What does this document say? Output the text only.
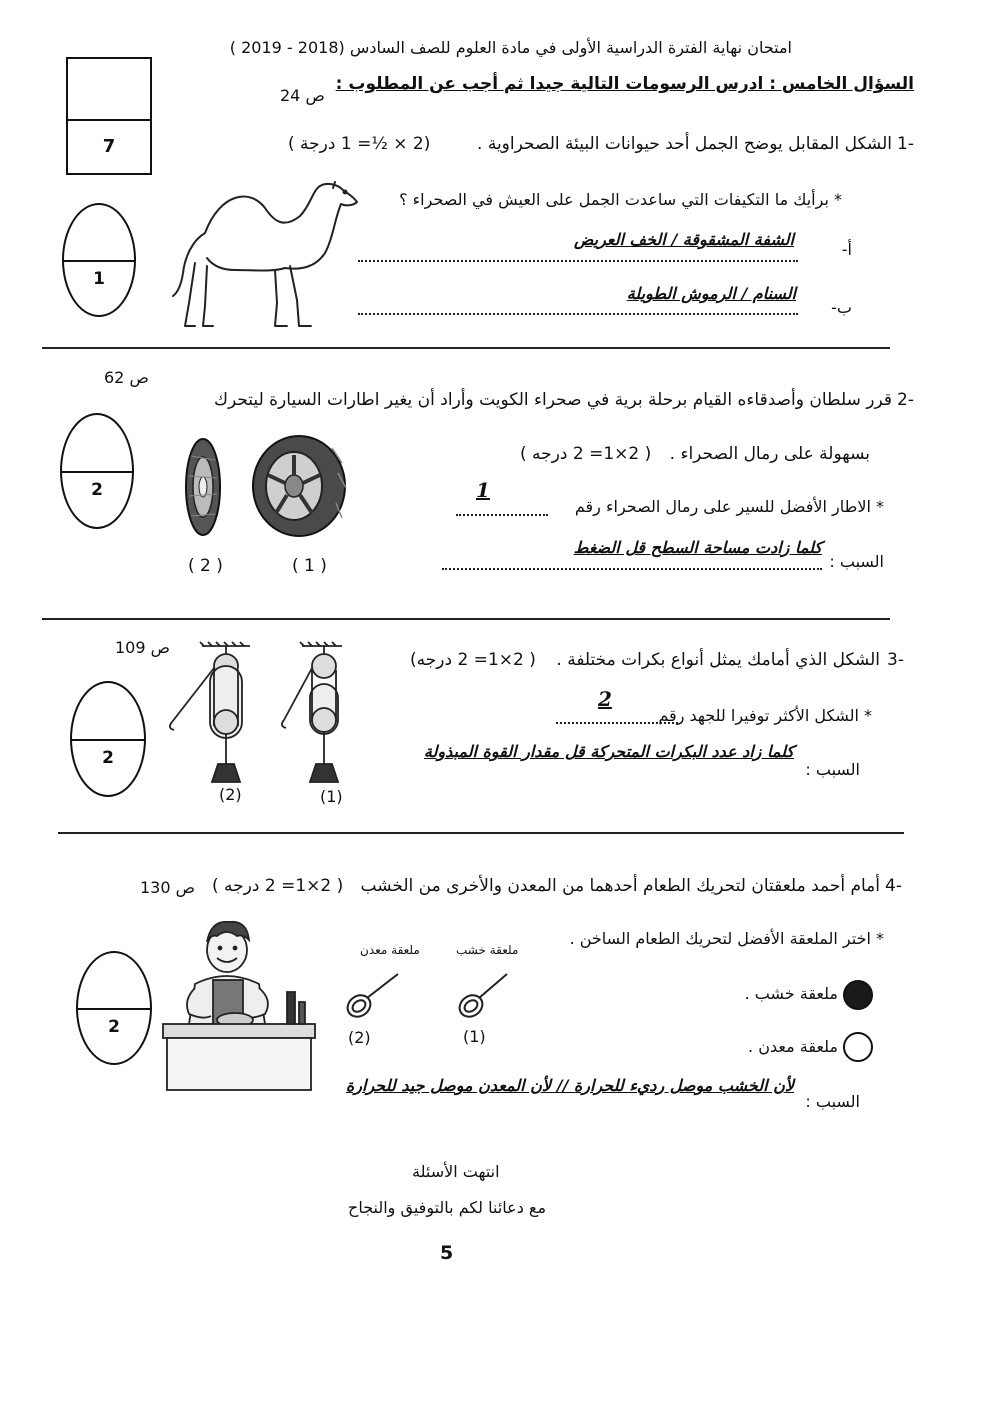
امتحان نهاية الفترة الدراسية الأولى في مادة العلوم للصف السادس (2018 - 2019 )
7
السؤال الخامس : ادرس الرسومات التالية جيدا ثم أجب عن المطلوب :
ص 24
1-
الشكل المقابل يوضح الجمل أحد حيوانات البيئة الصحراوية .
(2 × ½= 1 درجة )
1
* برأيك ما التكيفات التي ساعدت الجمل على العيش في الصحراء ؟
أ-
الشفة المشقوقة / الخف العريض
ب-
السنام / الرموش الطويلة
ص 62
2-
قرر سلطان وأصدقاءه القيام برحلة برية في صحراء الكويت وأراد أن يغير اطارات السيارة ليتحرك
2
بسهولة على رمال الصحراء .
( 2×1= 2 درجه )
* الاطار الأفضل للسير على رمال الصحراء رقم
1
السبب :
كلما زادت مساحة السطح قل الضغط
( 1 )
( 2 )
ص 109
3-
الشكل الذي أمامك يمثل أنواع بكرات مختلفة .
( 2×1= 2 درجه)
2
(2)	(1)
* الشكل الأكثر توفيرا للجهد رقم
2
السبب :
كلما زاد عدد البكرات المتحركة قل مقدار القوة المبذولة
4-
أمام أحمد ملعقتان لتحريك الطعام أحدهما من المعدن والأخرى من الخشب
( 2×1= 2 درجه )
ص 130
* اختر الملعقة الأفضل لتحريك الطعام الساخن .
2
ملعقة خشب
ملعقة معدن
(1)
(2)
ملعقة خشب .
ملعقة معدن .
السبب :
لأن الخشب موصل رديء للحرارة // لأن المعدن موصل جيد للحرارة
انتهت الأسئلة
مع دعائنا لكم بالتوفيق والنجاح
5
